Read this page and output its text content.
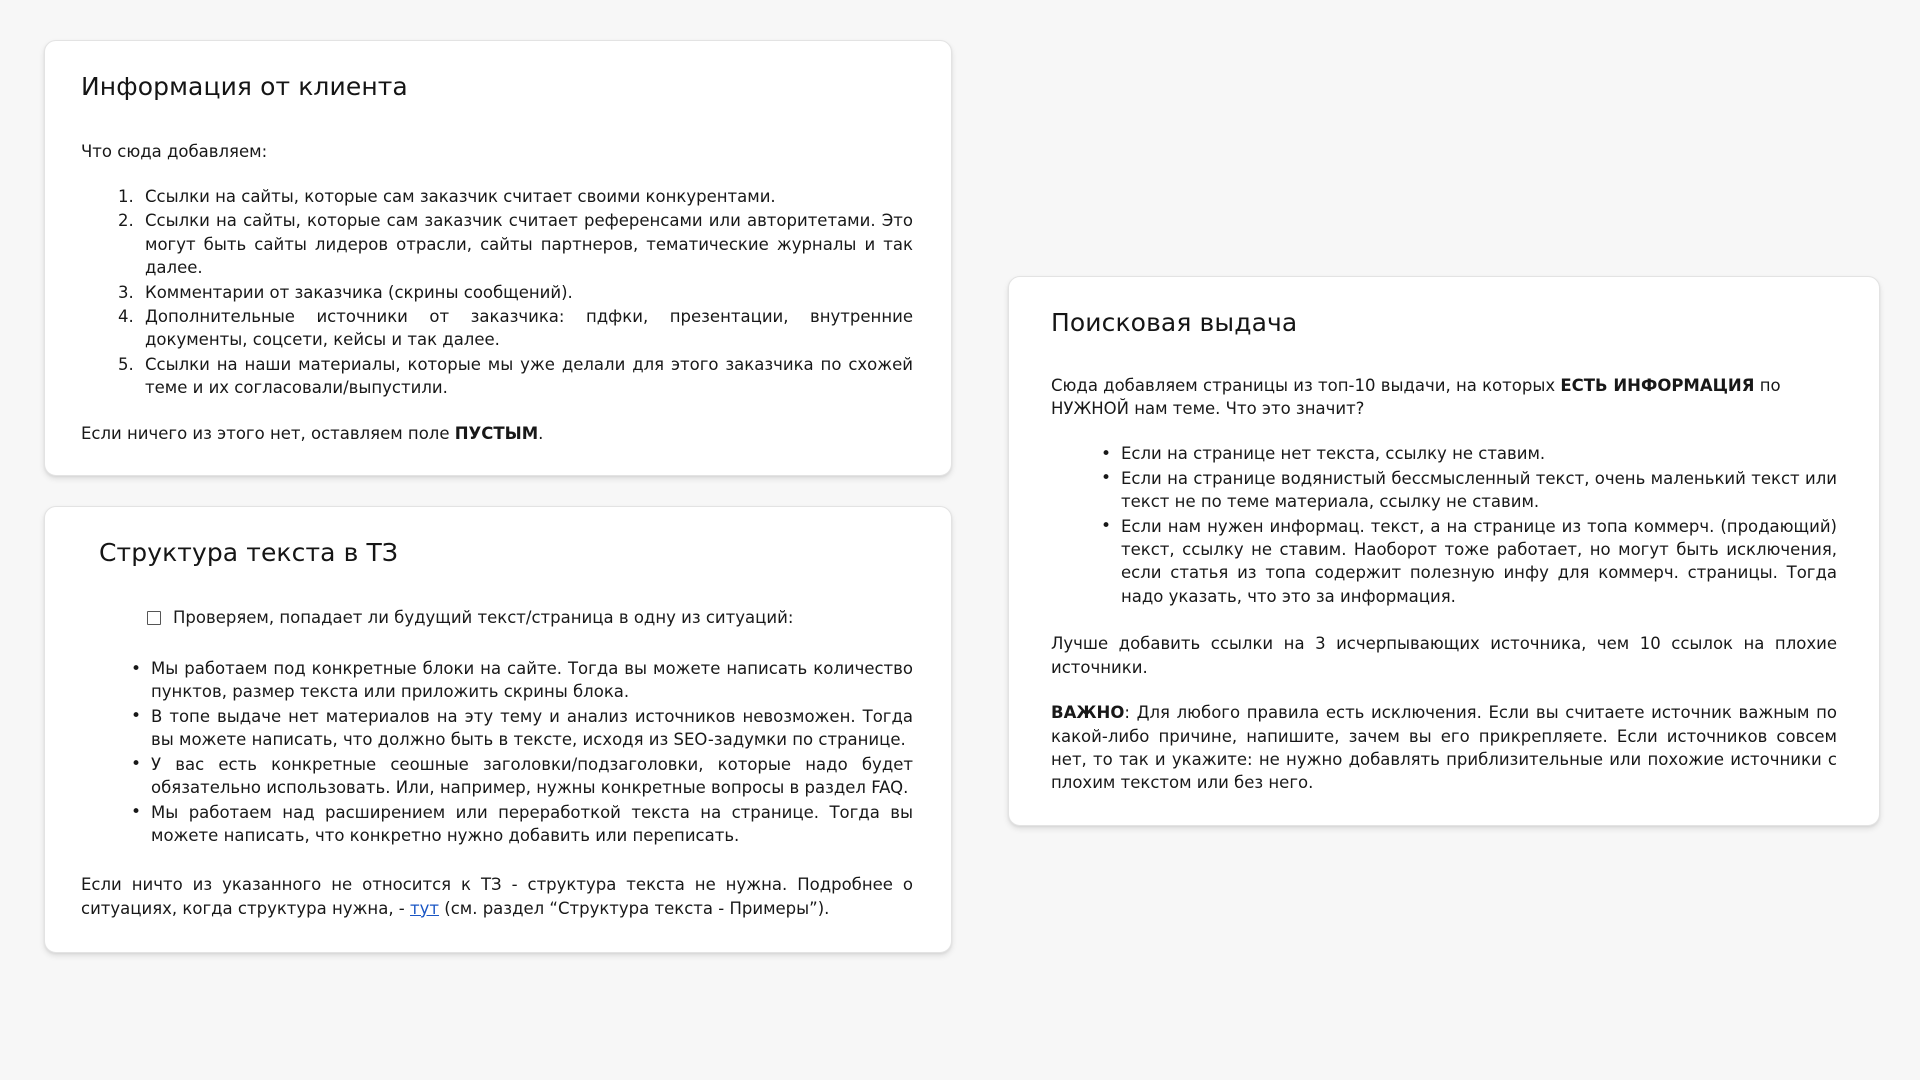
Информация от клиента

Что сюда добавляем:

1. Ссылки на сайты, которые сам заказчик считает своими конкурентами.
2. Ссылки на сайты, которые сам заказчик считает референсами или авторитетами. Это могут быть сайты лидеров отрасли, сайты партнеров, тематические журналы и так далее.
3. Комментарии от заказчика (скрины сообщений).
4. Дополнительные источники от заказчика: пдфки, презентации, внутренние документы, соцсети, кейсы и так далее.
5. Ссылки на наши материалы, которые мы уже делали для этого заказчика по схожей теме и их согласовали/выпустили.

Если ничего из этого нет, оставляем поле ПУСТЫМ.

Структура текста в ТЗ
Проверяем, попадает ли будущий текст/страница в одну из ситуаций:
• Мы работаем под конкретные блоки на сайте. Тогда вы можете написать количество пунктов, размер текста или приложить скрины блока.
• В топе выдаче нет материалов на эту тему и анализ источников невозможен. Тогда вы можете написать, что должно быть в тексте, исходя из SEO-задумки по странице.
• У вас есть конкретные сеошные заголовки/подзаголовки, которые надо будет обязательно использовать. Или, например, нужны конкретные вопросы в раздел FAQ.
• Мы работаем над расширением или переработкой текста на странице. Тогда вы можете написать, что конкретно нужно добавить или переписать.

Если ничто из указанного не относится к ТЗ - структура текста не нужна. Подробнее о ситуациях, когда структура нужна, - тут (см. раздел “Структура текста - Примеры”).

Поисковая выдача

Сюда добавляем страницы из топ-10 выдачи, на которых ЕСТЬ ИНФОРМАЦИЯ по НУЖНОЙ нам теме. Что это значит?

• Если на странице нет текста, ссылку не ставим.
• Если на странице водянистый бессмысленный текст, очень маленький текст или текст не по теме материала, ссылку не ставим.
• Если нам нужен информац. текст, а на странице из топа коммерч. (продающий) текст, ссылку не ставим. Наоборот тоже работает, но могут быть исключения, если статья из топа содержит полезную инфу для коммерч. страницы. Тогда надо указать, что это за информация.

Лучше добавить ссылки на 3 исчерпывающих источника, чем 10 ссылок на плохие источники.

ВАЖНО: Для любого правила есть исключения. Если вы считаете источник важным по какой-либо причине, напишите, зачем вы его прикрепляете. Если источников совсем нет, то так и укажите: не нужно добавлять приблизительные или похожие источники с плохим текстом или без него.
